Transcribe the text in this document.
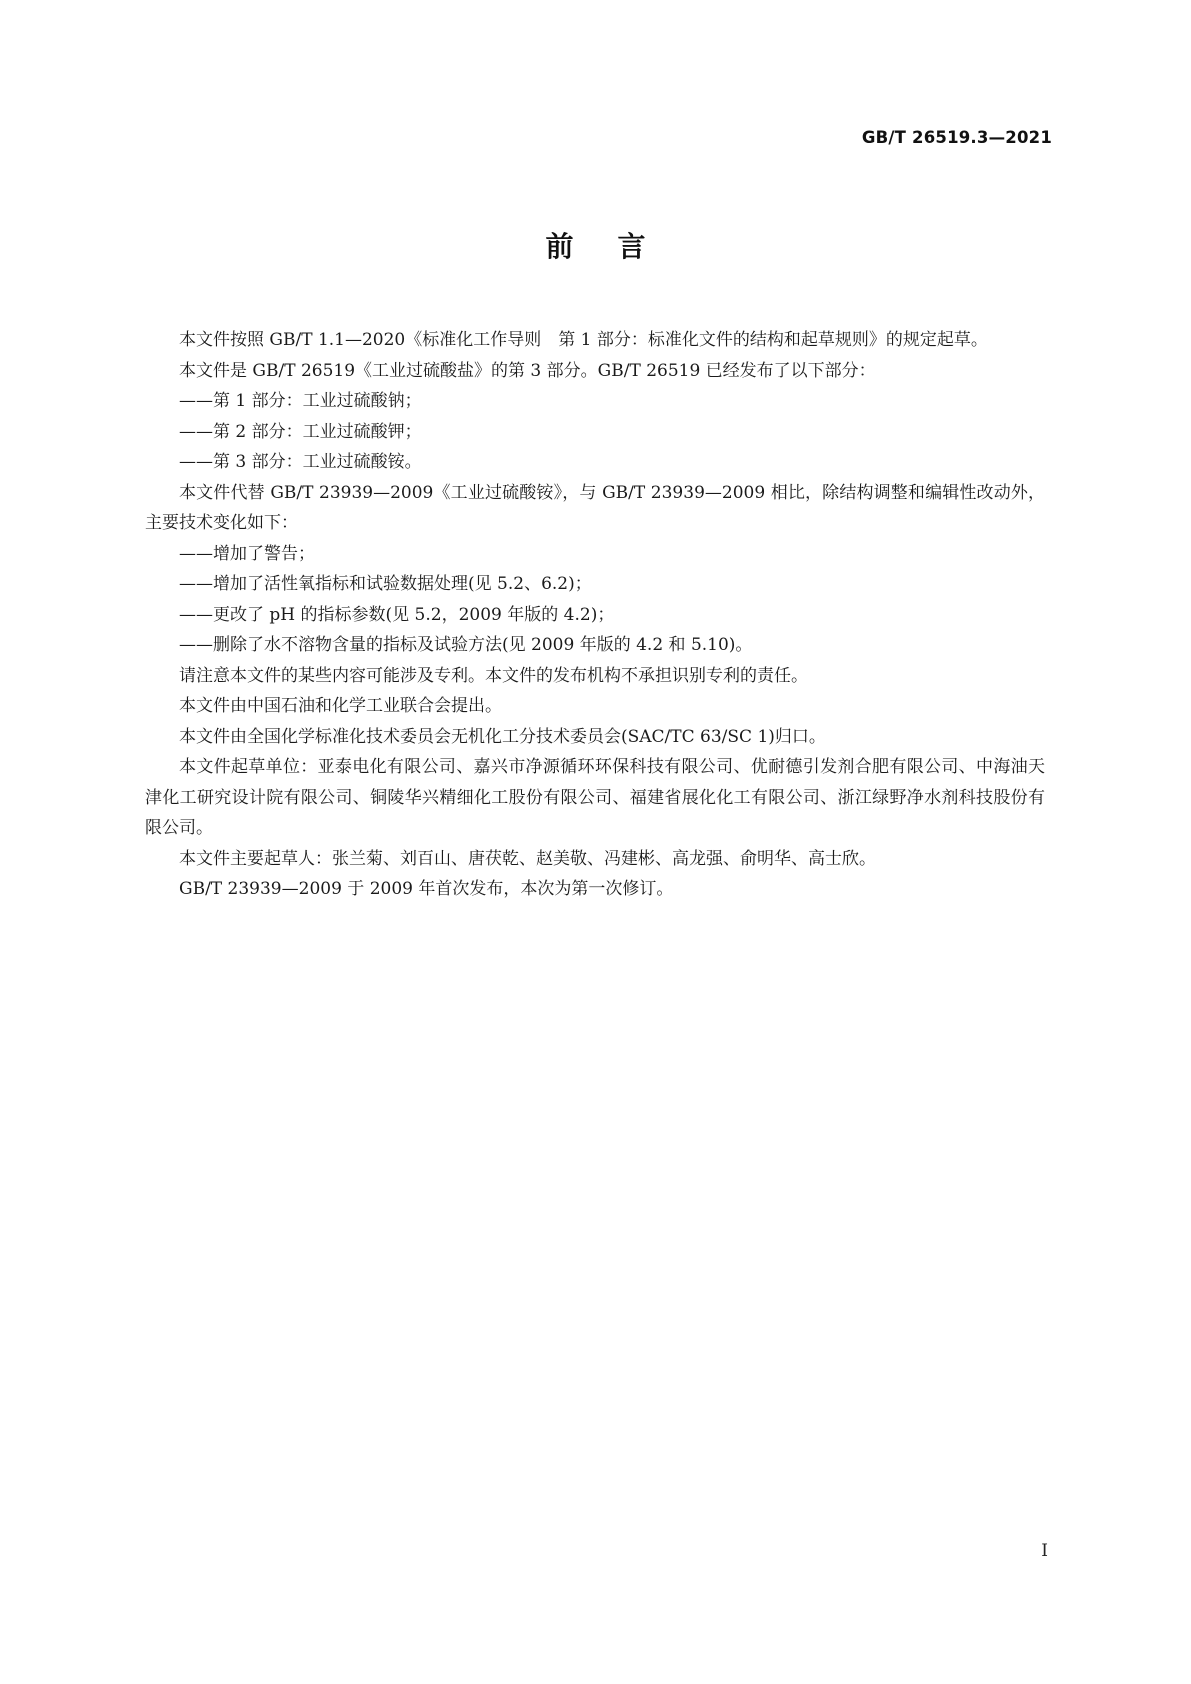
GB/T 26519.3—2021
前言

本文件按照 GB/T 1.1—2020《标准化工作导则　第 1 部分：标准化文件的结构和起草规则》的规定起草。

本文件是 GB/T 26519《工业过硫酸盐》的第 3 部分。GB/T 26519 已经发布了以下部分：

——第 1 部分：工业过硫酸钠；

——第 2 部分：工业过硫酸钾；

——第 3 部分：工业过硫酸铵。

本文件代替 GB/T 23939—2009《工业过硫酸铵》，与 GB/T 23939—2009 相比，除结构调整和编辑性改动外，主要技术变化如下：

——增加了警告；

——增加了活性氧指标和试验数据处理(见 5.2、6.2)；

——更改了 pH 的指标参数(见 5.2，2009 年版的 4.2)；

——删除了水不溶物含量的指标及试验方法(见 2009 年版的 4.2 和 5.10)。

请注意本文件的某些内容可能涉及专利。本文件的发布机构不承担识别专利的责任。

本文件由中国石油和化学工业联合会提出。

本文件由全国化学标准化技术委员会无机化工分技术委员会(SAC/TC 63/SC 1)归口。

本文件起草单位：亚泰电化有限公司、嘉兴市净源循环环保科技有限公司、优耐德引发剂合肥有限公司、中海油天津化工研究设计院有限公司、铜陵华兴精细化工股份有限公司、福建省展化化工有限公司、浙江绿野净水剂科技股份有限公司。

本文件主要起草人：张兰菊、刘百山、唐茯乾、赵美敬、冯建彬、高龙强、俞明华、高士欣。

GB/T 23939—2009 于 2009 年首次发布，本次为第一次修订。

I
